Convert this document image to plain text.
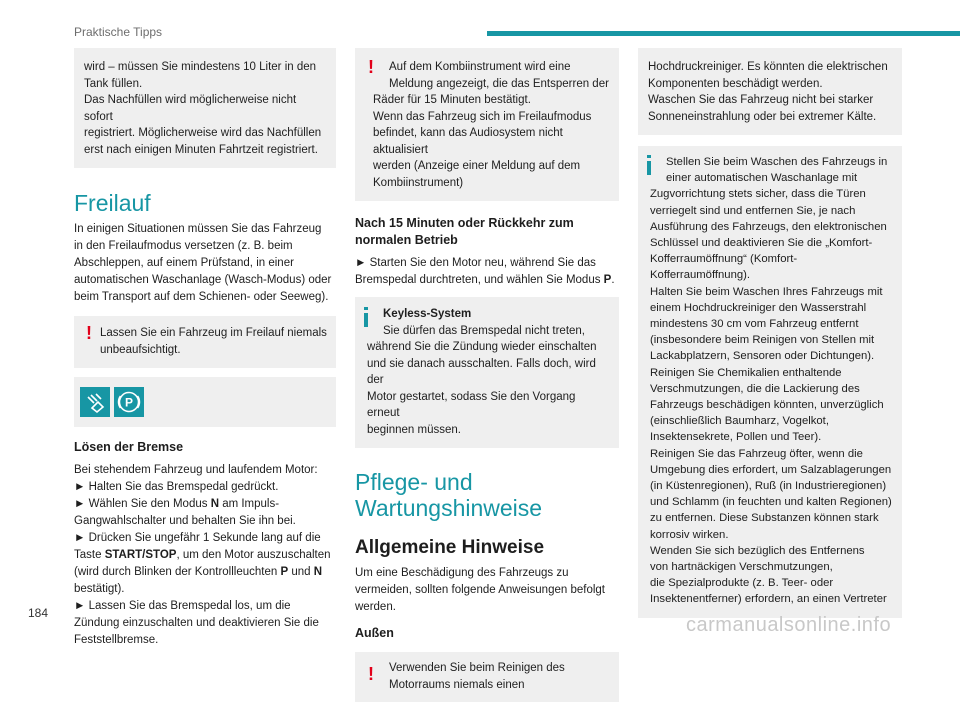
Praktische Tipps
wird – müssen Sie mindestens 10 Liter in den
Tank füllen.
Das Nachfüllen wird möglicherweise nicht sofort
registriert. Möglicherweise wird das Nachfüllen
erst nach einigen Minuten Fahrtzeit registriert.
Freilauf
In einigen Situationen müssen Sie das Fahrzeug
in den Freilaufmodus versetzen (z. B. beim
Abschleppen, auf einem Prüfstand, in einer
automatischen Waschanlage (Wasch-Modus) oder
beim Transport auf dem Schienen- oder Seeweg).
! Lassen Sie ein Fahrzeug im Freilauf niemals
unbeaufsichtigt.
P
Lösen der Bremse
Bei stehendem Fahrzeug und laufendem Motor:
► Halten Sie das Bremspedal gedrückt.
► Wählen Sie den Modus N am Impuls-
Gangwahlschalter und behalten Sie ihn bei.
► Drücken Sie ungefähr 1 Sekunde lang auf die
Taste START/STOP, um den Motor auszuschalten
(wird durch Blinken der Kontrollleuchten P und N
bestätigt).
► Lassen Sie das Bremspedal los, um die
Zündung einzuschalten und deaktivieren Sie die
Feststellbremse.
! Auf dem Kombiinstrument wird eine
Meldung angezeigt, die das Entsperren der
Räder für 15 Minuten bestätigt.
Wenn das Fahrzeug sich im Freilaufmodus
befindet, kann das Audiosystem nicht aktualisiert
werden (Anzeige einer Meldung auf dem
Kombiinstrument)
Nach 15 Minuten oder Rückkehr zum
normalen Betrieb
► Starten Sie den Motor neu, während Sie das
Bremspedal durchtreten, und wählen Sie Modus P.
Keyless-System
Sie dürfen das Bremspedal nicht treten,
während Sie die Zündung wieder einschalten
und sie danach ausschalten. Falls doch, wird der
Motor gestartet, sodass Sie den Vorgang erneut
beginnen müssen.
Pflege- und
Wartungshinweise
Allgemeine Hinweise
Um eine Beschädigung des Fahrzeugs zu
vermeiden, sollten folgende Anweisungen befolgt
werden.
Außen
! Verwenden Sie beim Reinigen des
Motorraums niemals einen
Hochdruckreiniger. Es könnten die elektrischen
Komponenten beschädigt werden.
Waschen Sie das Fahrzeug nicht bei starker
Sonneneinstrahlung oder bei extremer Kälte.
Stellen Sie beim Waschen des Fahrzeugs in
einer automatischen Waschanlage mit
Zugvorrichtung stets sicher, dass die Türen
verriegelt sind und entfernen Sie, je nach
Ausführung des Fahrzeugs, den elektronischen
Schlüssel und deaktivieren Sie die „Komfort-
Kofferraumöffnung“ (Komfort-Kofferraumöffnung).
Halten Sie beim Waschen Ihres Fahrzeugs mit
einem Hochdruckreiniger den Wasserstrahl
mindestens 30 cm vom Fahrzeug entfernt
(insbesondere beim Reinigen von Stellen mit
Lackabplatzern, Sensoren oder Dichtungen).
Reinigen Sie Chemikalien enthaltende
Verschmutzungen, die die Lackierung des
Fahrzeugs beschädigen könnten, unverzüglich
(einschließlich Baumharz, Vogelkot,
Insektensekrete, Pollen und Teer).
Reinigen Sie das Fahrzeug öfter, wenn die
Umgebung dies erfordert, um Salzablagerungen
(in Küstenregionen), Ruß (in Industrieregionen)
und Schlamm (in feuchten und kalten Regionen)
zu entfernen. Diese Substanzen können stark
korrosiv wirken.
Wenden Sie sich bezüglich des Entfernens
von hartnäckigen Verschmutzungen,
die Spezialprodukte (z. B. Teer- oder
Insektenentferner) erfordern, an einen Vertreter
184
carmanualsonline.info
